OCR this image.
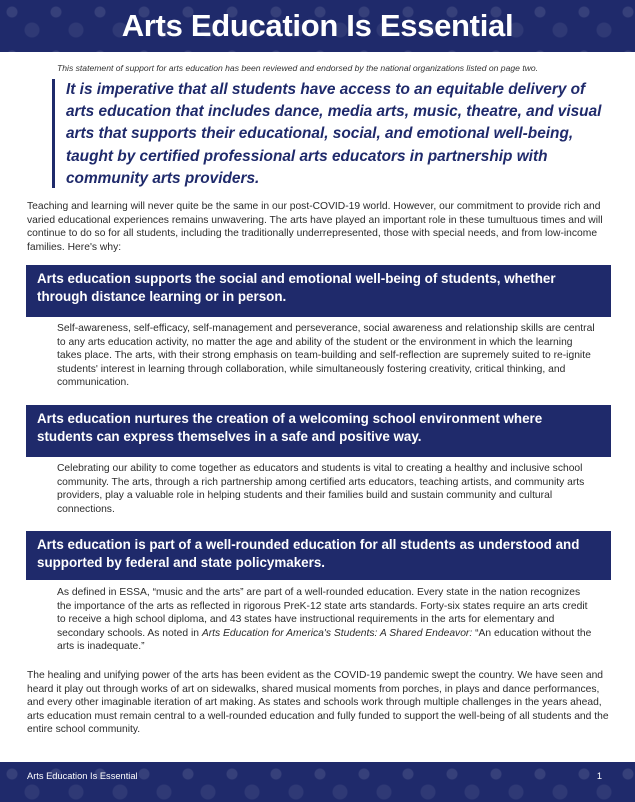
Arts Education Is Essential
This statement of support for arts education has been reviewed and endorsed by the national organizations listed on page two.

It is imperative that all students have access to an equitable delivery of arts education that includes dance, media arts, music, theatre, and visual arts that supports their educational, social, and emotional well-being, taught by certified professional arts educators in partnership with community arts providers.

Teaching and learning will never quite be the same in our post-COVID-19 world. However, our commitment to provide rich and varied educational experiences remains unwavering. The arts have played an important role in these tumultuous times and will continue to do so for all students, including the traditionally underrepresented, those with special needs, and from low-income families. Here's why:

Arts education supports the social and emotional well-being of students, whether through distance learning or in person.

Self-awareness, self-efficacy, self-management and perseverance, social awareness and relationship skills are central to any arts education activity, no matter the age and ability of the student or the environment in which the learning takes place. The arts, with their strong emphasis on team-building and self-reflection are supremely suited to re-ignite students' interest in learning through collaboration, while simultaneously fostering creativity, critical thinking, and communication.

Arts education nurtures the creation of a welcoming school environment where students can express themselves in a safe and positive way.

Celebrating our ability to come together as educators and students is vital to creating a healthy and inclusive school community. The arts, through a rich partnership among certified arts educators, teaching artists, and community arts providers, play a valuable role in helping students and their families build and sustain community and cultural connections.

Arts education is part of a well-rounded education for all students as understood and supported by federal and state policymakers.

As defined in ESSA, “music and the arts” are part of a well-rounded education. Every state in the nation recognizes the importance of the arts as reflected in rigorous PreK-12 state arts standards. Forty-six states require an arts credit to receive a high school diploma, and 43 states have instructional requirements in the arts for elementary and secondary schools. As noted in Arts Education for America's Students: A Shared Endeavor: “An education without the arts is inadequate.”

The healing and unifying power of the arts has been evident as the COVID-19 pandemic swept the country. We have seen and heard it play out through works of art on sidewalks, shared musical moments from porches, in plays and dance performances, and every other imaginable iteration of art making. As states and schools work through multiple challenges in the years ahead, arts education must remain central to a well-rounded education and fully funded to support the well-being of all students and the entire school community.

Arts Education Is Essential	1
